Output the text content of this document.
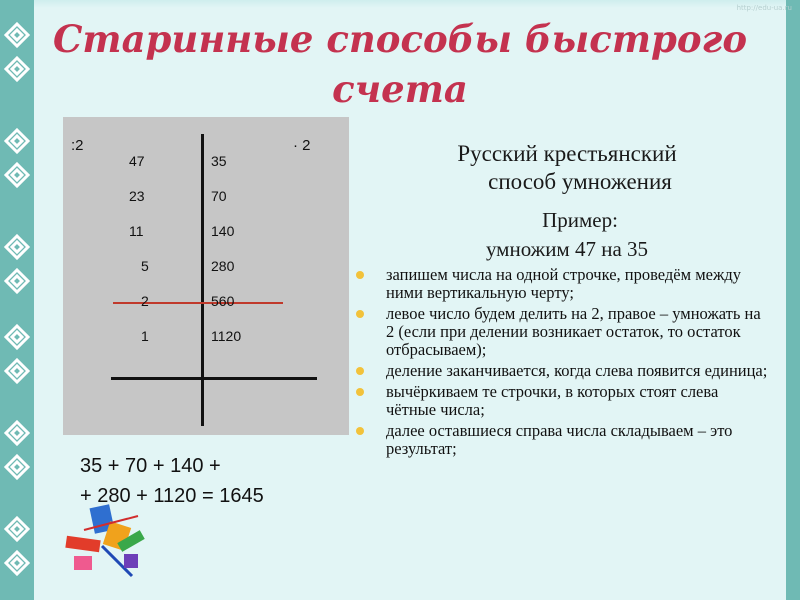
http://edu-ua.ru
Старинные способы быстрого
счета
:2	· 2
47
23
11
5
2
1
35
70
140
280
560
1120
35 + 70 + 140 +
+ 280 + 1120 = 1645
Русский крестьянский
способ умножения
Пример:
умножим 47 на 35
запишем числа на одной строчке, проведём между ними вертикальную черту;
левое число будем делить на 2, правое – умножать на 2 (если при делении возникает остаток, то остаток отбрасываем);
деление заканчивается, когда слева появится единица;
вычёркиваем те строчки, в которых стоят слева чётные числа;
далее оставшиеся справа числа складываем – это результат;
